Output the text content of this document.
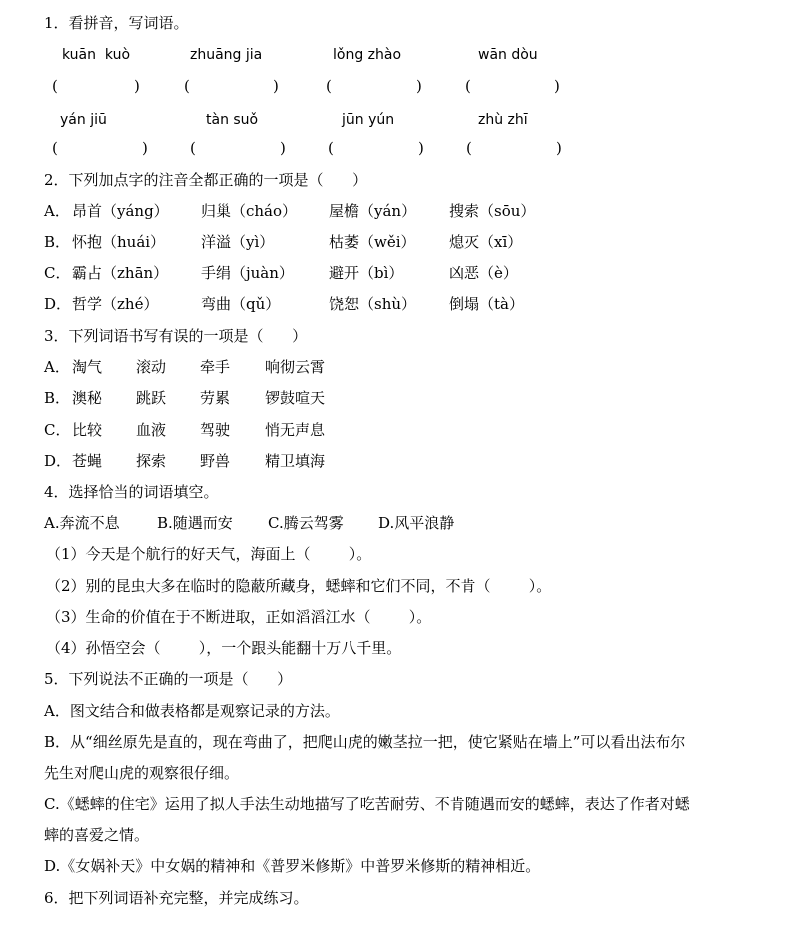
1．看拼音，写词语。
kuān  kuò	zhuāng jia	lǒng zhào	wān dòu
(	)	(	)	(	)	(	)
yán jiū	tàn suǒ	jūn yún	zhù zhī
(	)	(	)	(	)	(	)
2．下列加点字的注音全都正确的一项是（      ）
A． 昂首（yáng） 归巢（cháo） 屋檐（yán） 搜索（sōu）
B． 怀抱（huái） 洋溢（yì）	枯萎（wěi） 熄灭（xī）
C． 霸占（zhān） 手绢（juàn） 避开（bì）	凶恶（è）
D． 哲学（zhé）	弯曲（qǔ）	饶恕（shù） 倒塌（tà）
3．下列词语书写有误的一项是（      ）
A． 淘气 滚动 牵手 响彻云霄
B． 澳秘 跳跃 劳累 锣鼓喧天
C． 比较 血液 驾驶 悄无声息
D． 苍蝇 探索 野兽 精卫填海
4．选择恰当的词语填空。
A.奔流不息 B.随遇而安 C.腾云驾雾 D.风平浪静
（1）今天是个航行的好天气，海面上（        ）。
（2）别的昆虫大多在临时的隐蔽所藏身，蟋蟀和它们不同，不肯（        ）。
（3）生命的价值在于不断进取，正如滔滔江水（        ）。
（4）孙悟空会（        ），一个跟头能翻十万八千里。
5．下列说法不正确的一项是（      ）
A．图文结合和做表格都是观察记录的方法。
B．从“细丝原先是直的，现在弯曲了，把爬山虎的嫩茎拉一把，使它紧贴在墙上”可以看出法布尔
先生对爬山虎的观察很仔细。
C.《蟋蟀的住宅》运用了拟人手法生动地描写了吃苦耐劳、不肯随遇而安的蟋蟀，表达了作者对蟋
蟀的喜爱之情。
D.《女娲补天》中女娲的精神和《普罗米修斯》中普罗米修斯的精神相近。
6．把下列词语补充完整，并完成练习。
